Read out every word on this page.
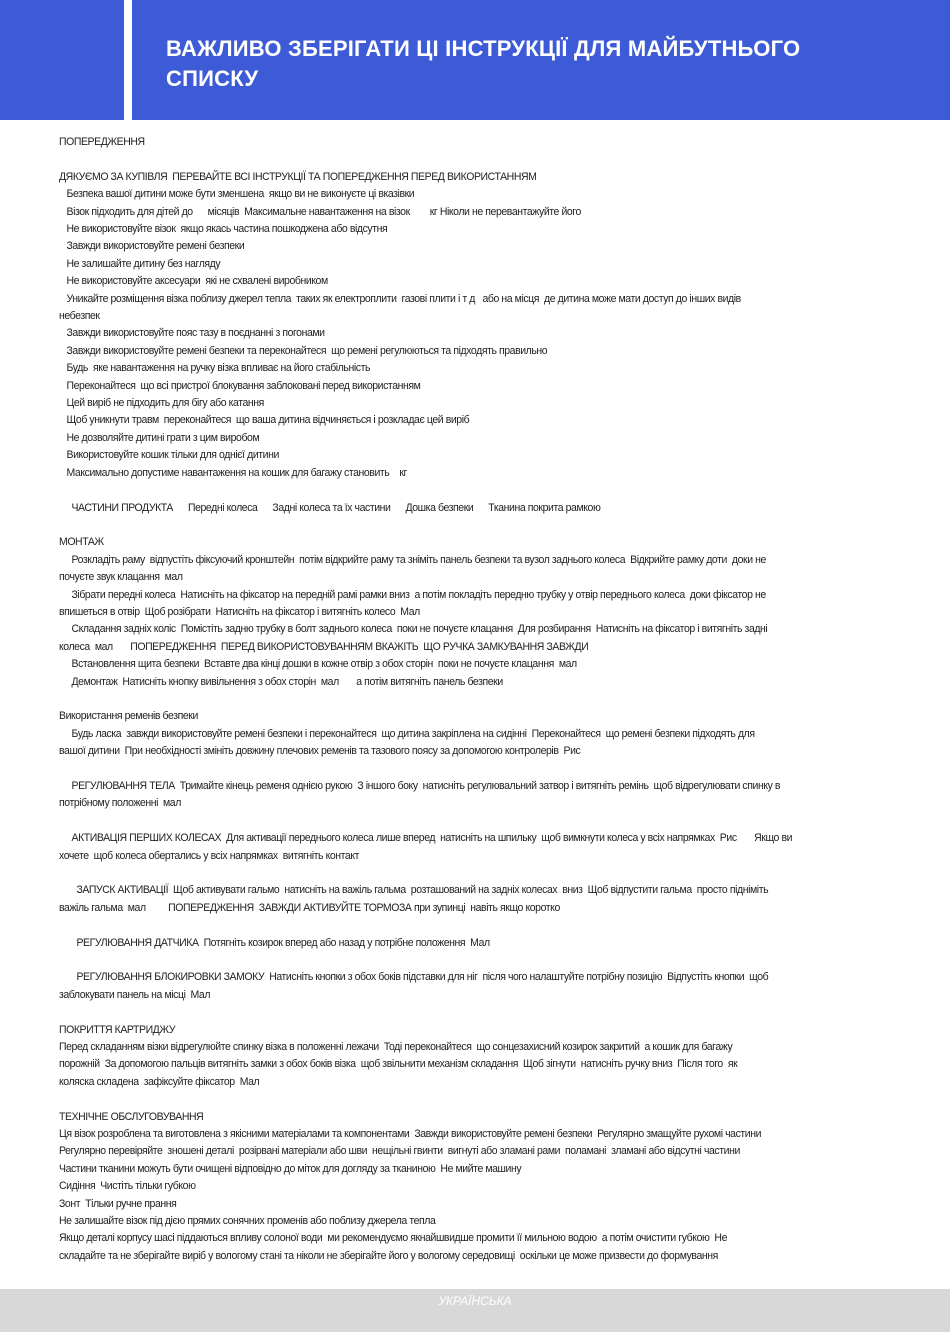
ВАЖЛИВО ЗБЕРІГАТИ ЦІ ІНСТРУКЦІЇ ДЛЯ МАЙБУТНЬОГО
СПИСКУ
ПОПЕРЕДЖЕННЯ
ДЯКУЄМО ЗА КУПІВЛЯ  ПЕРЕВАЙТЕ ВСІ ІНСТРУКЦІЇ ТА ПОПЕРЕДЖЕННЯ ПЕРЕД ВИКОРИСТАННЯМ
Безпека вашої дитини може бути зменшена  якщо ви не виконуєте ці вказівки
Візок підходить для дітей до      місяців  Максимальне навантаження на візок        кг Ніколи не перевантажуйте його
Не використовуйте візок  якщо якась частина пошкоджена або відсутня
Завжди використовуйте ремені безпеки
Не залишайте дитину без нагляду
Не використовуйте аксесуари  які не схвалені виробником
Уникайте розміщення візка поблизу джерел тепла  таких як електроплити  газові плити і т д   або на місця  де дитина може мати доступ до інших видів
небезпек
Завжди використовуйте пояс тазу в поєднанні з погонами
Завжди використовуйте ремені безпеки та переконайтеся  що ремені регулюються та підходять правильно
Будь  яке навантаження на ручку візка впливає на його стабільність
Переконайтеся  що всі пристрої блокування заблоковані перед використанням
Цей виріб не підходить для бігу або катання
Щоб уникнути травм  переконайтеся  що ваша дитина відчиняється і розкладає цей виріб
Не дозволяйте дитині грати з цим виробом
Використовуйте кошик тільки для однієї дитини
Максимально допустиме навантаження на кошик для багажу становить    кг
ЧАСТИНИ ПРОДУКТА      Передні колеса      Задні колеса та їх частини      Дошка безпеки      Тканина покрита рамкою
МОНТАЖ
Розкладіть раму  відпустіть фіксуючий кронштейн  потім відкрийте раму та зніміть панель безпеки та вузол заднього колеса  Відкрийте рамку доти  доки не
почуєте звук клацання  мал
Зібрати передні колеса  Натисніть на фіксатор на передній рамі рамки вниз  а потім покладіть передню трубку у отвір переднього колеса  доки фіксатор не
впишеться в отвір  Щоб розібрати  Натисніть на фіксатор і витягніть колесо  Мал
Складання задніх коліс  Помістіть задню трубку в болт заднього колеса  поки не почуєте клацання  Для розбирання  Натисніть на фіксатор і витягніть задні
колеса  мал       ПОПЕРЕДЖЕННЯ  ПЕРЕД ВИКОРИСТОВУВАННЯМ ВКАЖІТЬ  ЩО РУЧКА ЗАМКУВАННЯ ЗАВЖДИ
Встановлення щита безпеки  Вставте два кінці дошки в кожне отвір з обох сторін  поки не почуєте клацання  мал
Демонтаж  Натисніть кнопку вивільнення з обох сторін  мал       а потім витягніть панель безпеки
Використання ременів безпеки
Будь ласка  завжди використовуйте ремені безпеки і переконайтеся  що дитина закріплена на сидінні  Переконайтеся  що ремені безпеки підходять для
вашої дитини  При необхідності змініть довжину плечових ременів та тазового поясу за допомогою контролерів  Рис
РЕГУЛЮВАННЯ ТЕЛА  Тримайте кінець ременя однією рукою  З іншого боку  натисніть регулювальний затвор і витягніть ремінь  щоб відрегулювати спинку в
потрібному положенні  мал
АКТИВАЦІЯ ПЕРШИХ КОЛЕСАХ  Для активації переднього колеса лише вперед  натисніть на шпильку  щоб вимкнути колеса у всіх напрямках  Рис       Якщо ви
хочете  щоб колеса обертались у всіх напрямках  витягніть контакт
ЗАПУСК АКТИВАЦІЇ  Щоб активувати гальмо  натисніть на важіль гальма  розташований на задніх колесах  вниз  Щоб відпустити гальма  просто підніміть
важіль гальма  мал         ПОПЕРЕДЖЕННЯ  ЗАВЖДИ АКТИВУЙТЕ ТОРМОЗА при зупинці  навіть якщо коротко
РЕГУЛЮВАННЯ ДАТЧИКА  Потягніть козирок вперед або назад у потрібне положення  Мал
РЕГУЛЮВАННЯ БЛОКИРОВКИ ЗАМОКУ  Натисніть кнопки з обох боків підставки для ніг  після чого налаштуйте потрібну позицію  Відпустіть кнопки  щоб
заблокувати панель на місці  Мал
ПОКРИТТЯ КАРТРИДЖУ
Перед складанням візки відрегулюйте спинку візка в положенні лежачи  Тоді переконайтеся  що сонцезахисний козирок закритий  а кошик для багажу
порожній  За допомогою пальців витягніть замки з обох боків візка  щоб звільнити механізм складання  Щоб зігнути  натисніть ручку вниз  Після того  як
коляска складена  зафіксуйте фіксатор  Мал
ТЕХНІЧНЕ ОБСЛУГОВУВАННЯ
Ця візок розроблена та виготовлена з якісними матеріалами та компонентами  Завжди використовуйте ремені безпеки  Регулярно змащуйте рухомі частини
Регулярно перевіряйте  зношені деталі  розірвані матеріали або шви  нещільні гвинти  вигнуті або зламані рами  поламані  зламані або відсутні частини
Частини тканини можуть бути очищені відповідно до міток для догляду за тканиною  Не мийте машину
Сидіння  Чистіть тільки губкою
Зонт  Тільки ручне прання
Не залишайте візок під дією прямих сонячних променів або поблизу джерела тепла
Якщо деталі корпусу шасі піддаються впливу солоної води  ми рекомендуємо якнайшвидше промити її мильною водою  а потім очистити губкою  Не
складайте та не зберігайте виріб у вологому стані та ніколи не зберігайте його у вологому середовищі  оскільки це може призвести до формування
УКРАЇНСЬКА
